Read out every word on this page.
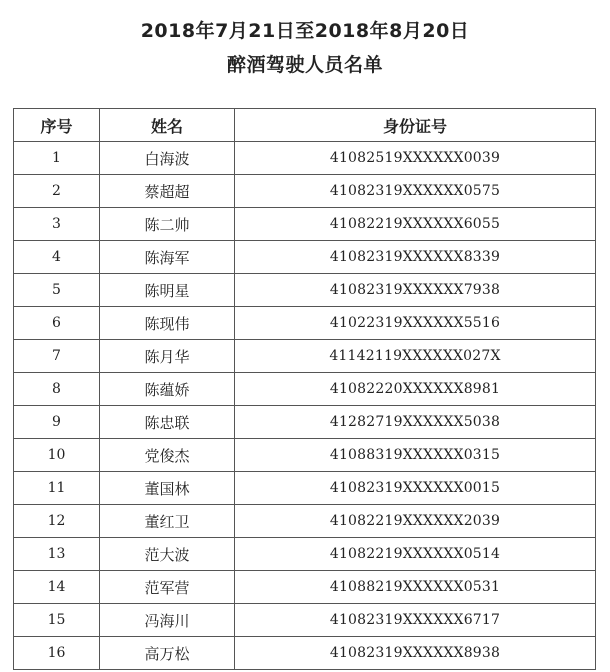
2018年7月21日至2018年8月20日
醉酒驾驶人员名单
序号	姓名	身份证号
1	白海波	41082519XXXXXX0039
2	蔡超超	41082319XXXXXX0575
3	陈二帅	41082219XXXXXX6055
4	陈海军	41082319XXXXXX8339
5	陈明星	41082319XXXXXX7938
6	陈现伟	41022319XXXXXX5516
7	陈月华	41142119XXXXXX027X
8	陈蕴娇	41082220XXXXXX8981
9	陈忠联	41282719XXXXXX5038
10	党俊杰	41088319XXXXXX0315
11	董国林	41082319XXXXXX0015
12	董红卫	41082219XXXXXX2039
13	范大波	41082219XXXXXX0514
14	范军营	41088219XXXXXX0531
15	冯海川	41082319XXXXXX6717
16	高万松	41082319XXXXXX8938
